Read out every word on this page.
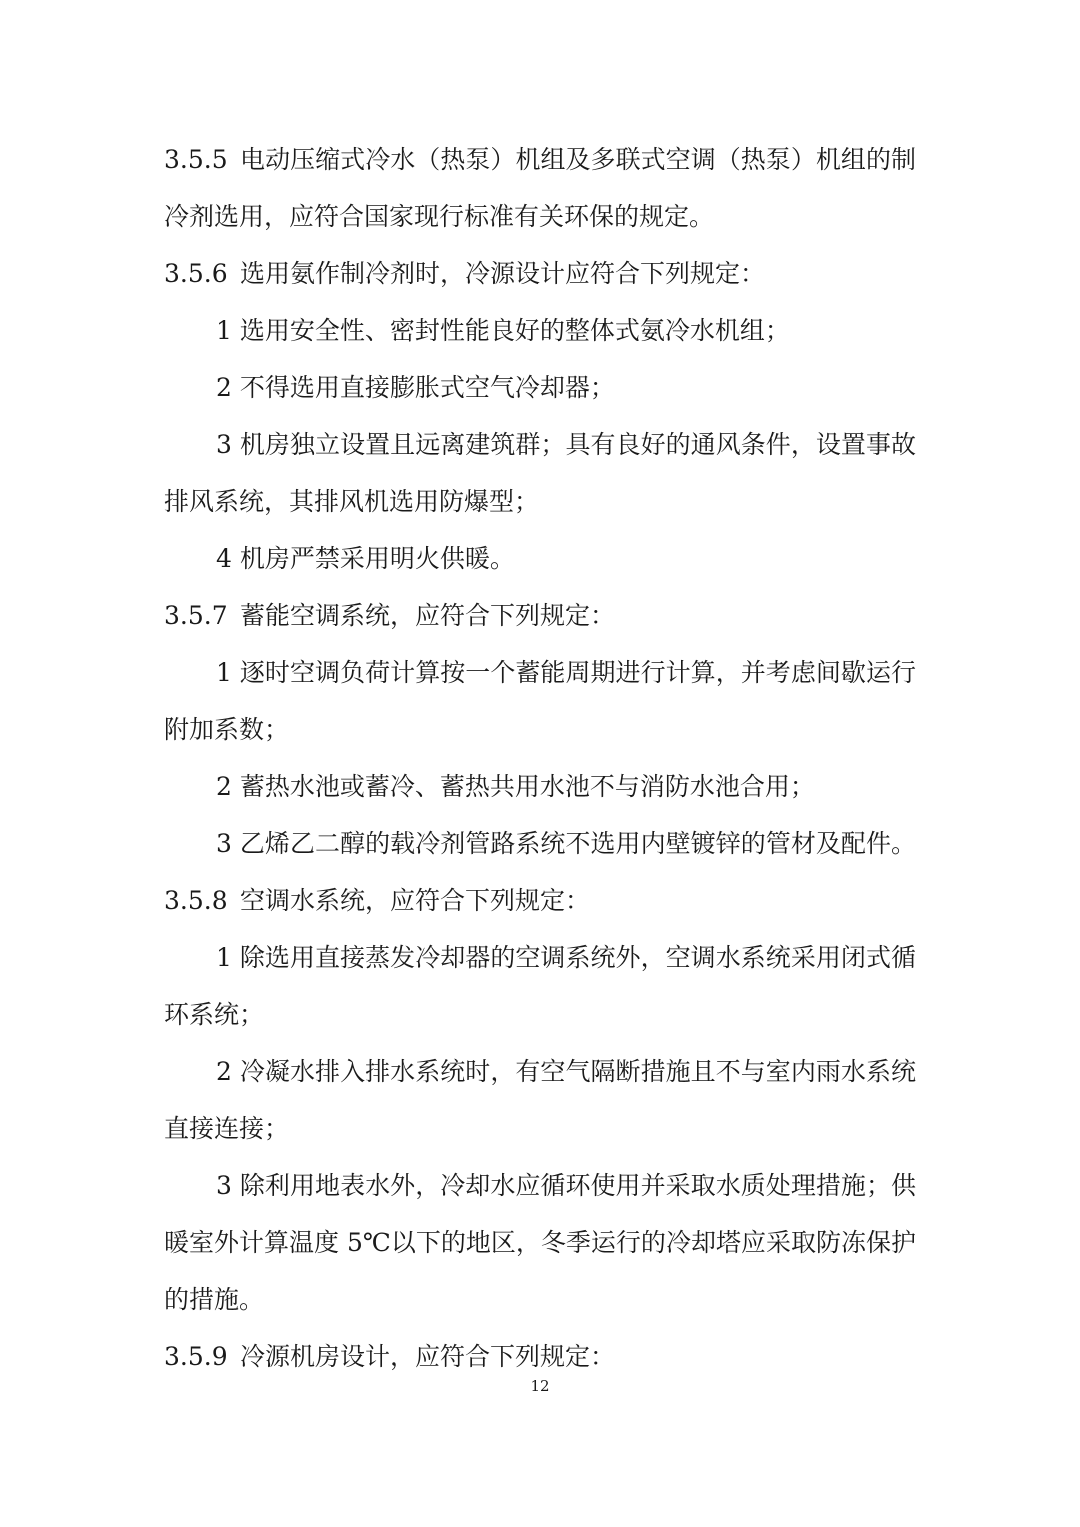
3.5.5 电动压缩式冷水（热泵）机组及多联式空调（热泵）机组的制
冷剂选用，应符合国家现行标准有关环保的规定。
3.5.6 选用氨作制冷剂时，冷源设计应符合下列规定：
1 选用安全性、密封性能良好的整体式氨冷水机组；
2 不得选用直接膨胀式空气冷却器；
3 机房独立设置且远离建筑群；具有良好的通风条件，设置事故
排风系统，其排风机选用防爆型；
4 机房严禁采用明火供暖。
3.5.7 蓄能空调系统，应符合下列规定：
1 逐时空调负荷计算按一个蓄能周期进行计算，并考虑间歇运行
附加系数；
2 蓄热水池或蓄冷、蓄热共用水池不与消防水池合用；
3 乙烯乙二醇的载冷剂管路系统不选用内壁镀锌的管材及配件。
3.5.8 空调水系统，应符合下列规定：
1 除选用直接蒸发冷却器的空调系统外，空调水系统采用闭式循
环系统；
2 冷凝水排入排水系统时，有空气隔断措施且不与室内雨水系统
直接连接；
3 除利用地表水外，冷却水应循环使用并采取水质处理措施；供
暖室外计算温度 5℃以下的地区，冬季运行的冷却塔应采取防冻保护
的措施。
3.5.9 冷源机房设计，应符合下列规定：
12
